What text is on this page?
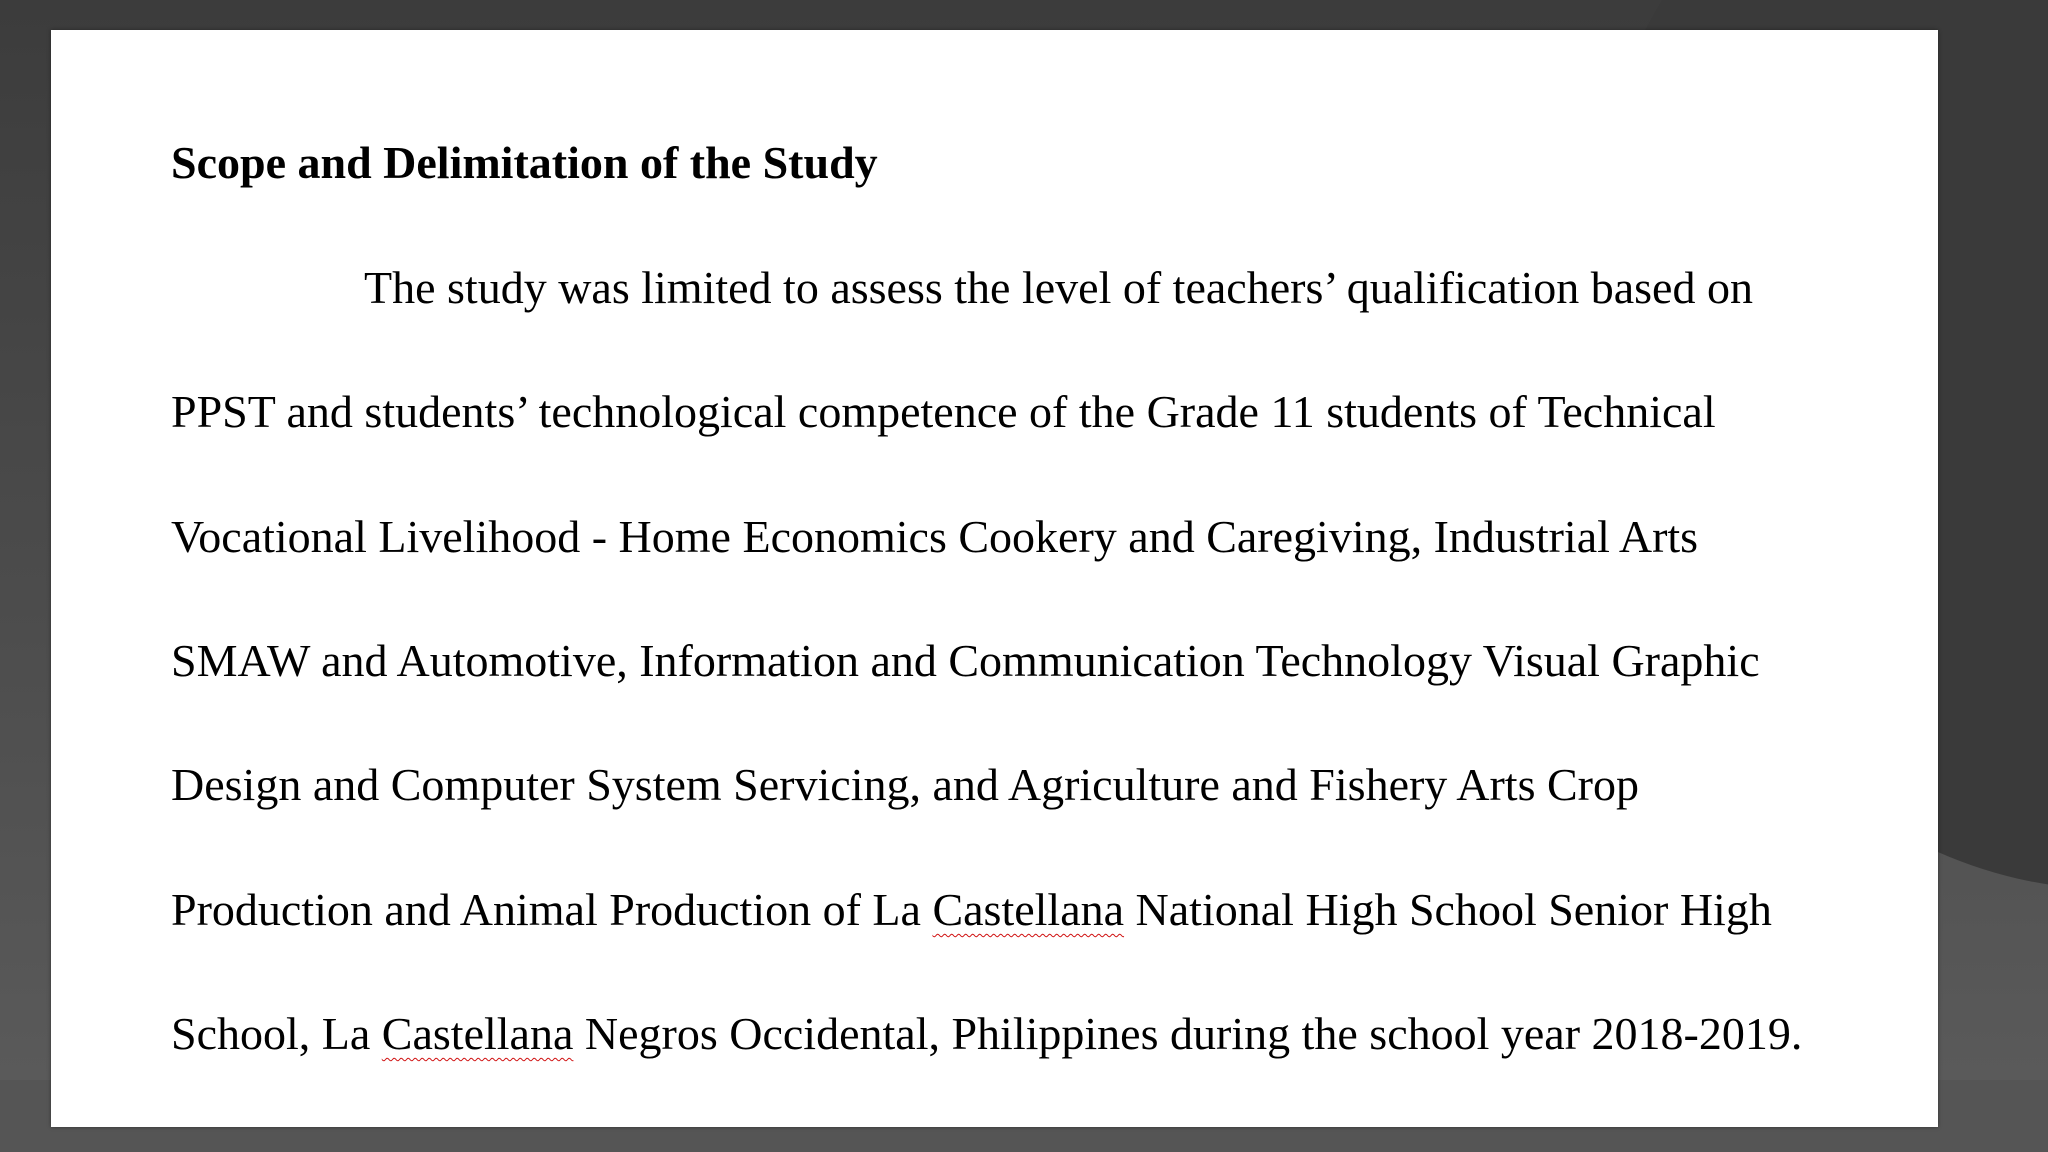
Scope and Delimitation of the Study

The study was limited to assess the level of teachers’ qualification based on

PPST and students’ technological competence of the Grade 11 students of Technical

Vocational Livelihood - Home Economics Cookery and Caregiving, Industrial Arts

SMAW and Automotive, Information and Communication Technology Visual Graphic

Design and Computer System Servicing, and Agriculture and Fishery Arts Crop

Production and Animal Production of La Castellana National High School Senior High

School, La Castellana Negros Occidental, Philippines during the school year 2018-2019.
